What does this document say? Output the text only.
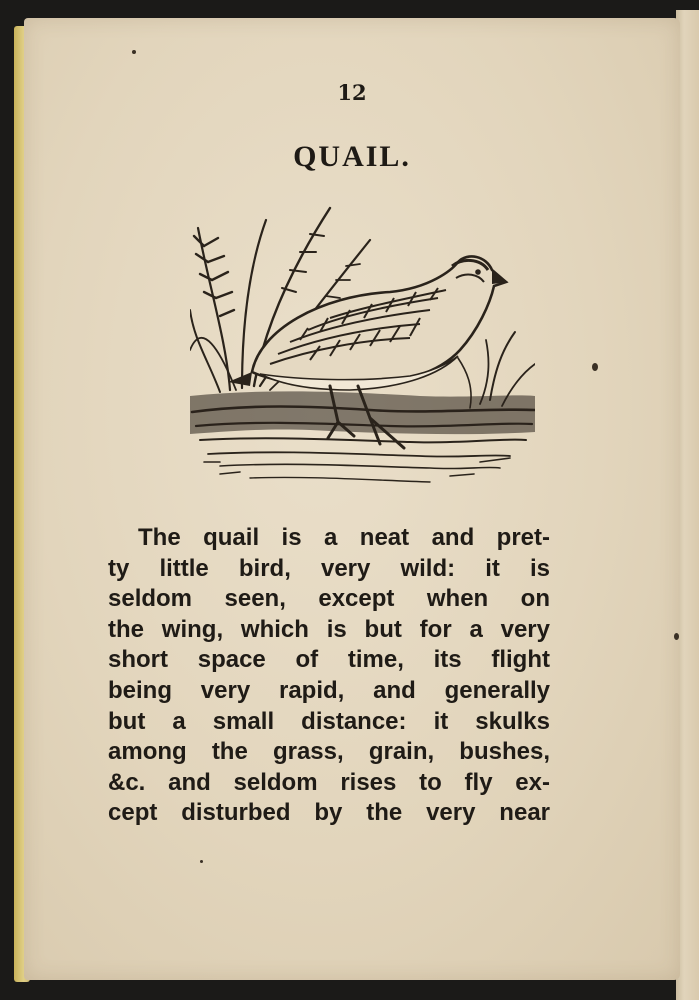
12
QUAIL.
The quail is a neat and pret-
ty little bird, very wild: it is
seldom seen, except when on
the wing, which is but for a very
short space of time, its flight
being very rapid, and generally
but a small distance: it skulks
among the grass, grain, bushes,
&c. and seldom rises to fly ex-
cept disturbed by the very near
